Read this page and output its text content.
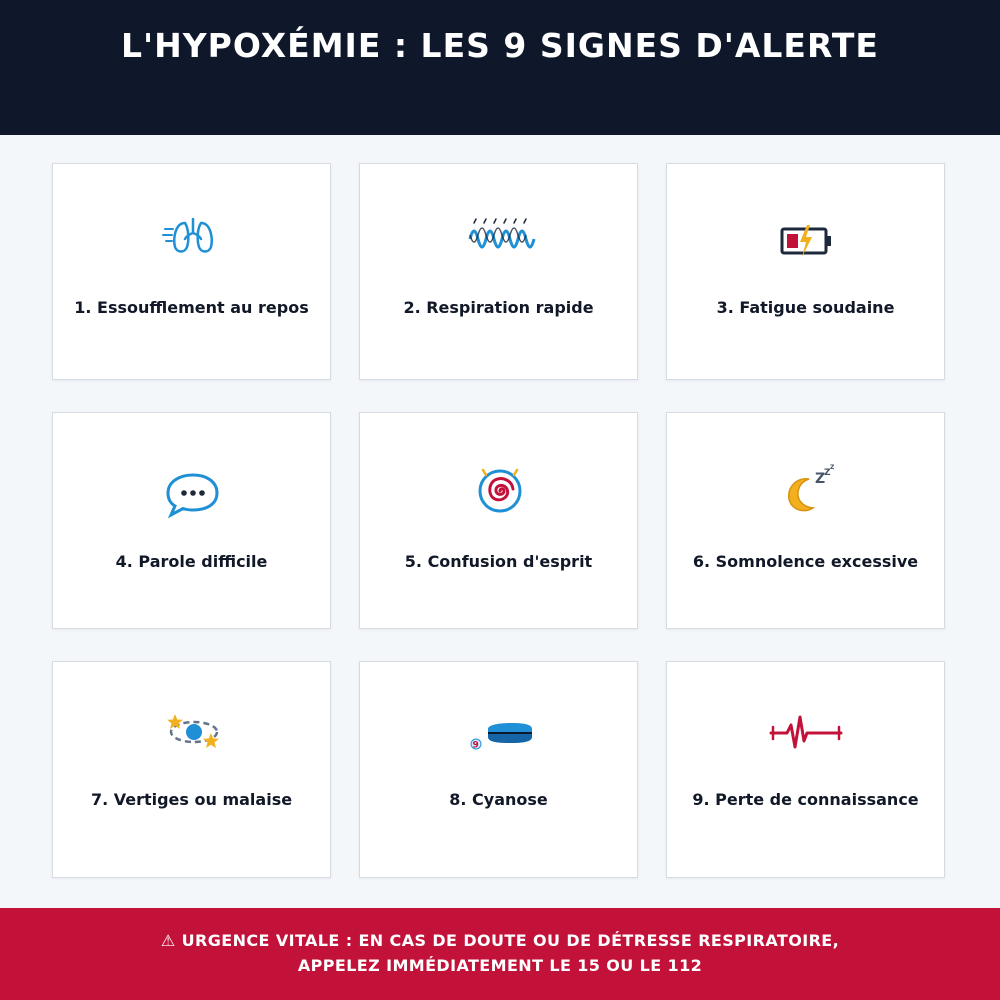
L'HYPOXÉMIE : LES 9 SIGNES D'ALERTE
1. Essoufflement au repos	2. Respiration rapide	3. Fatigue soudaine
4. Parole difficile	5. Confusion d'esprit
Z
Z
Z
6. Somnolence excessive
7. Vertiges ou malaise
9
8. Cyanose	9. Perte de connaissance
⚠ URGENCE VITALE : EN CAS DE DOUTE OU DE DÉTRESSE RESPIRATOIRE,
APPELEZ IMMÉDIATEMENT LE 15 OU LE 112
